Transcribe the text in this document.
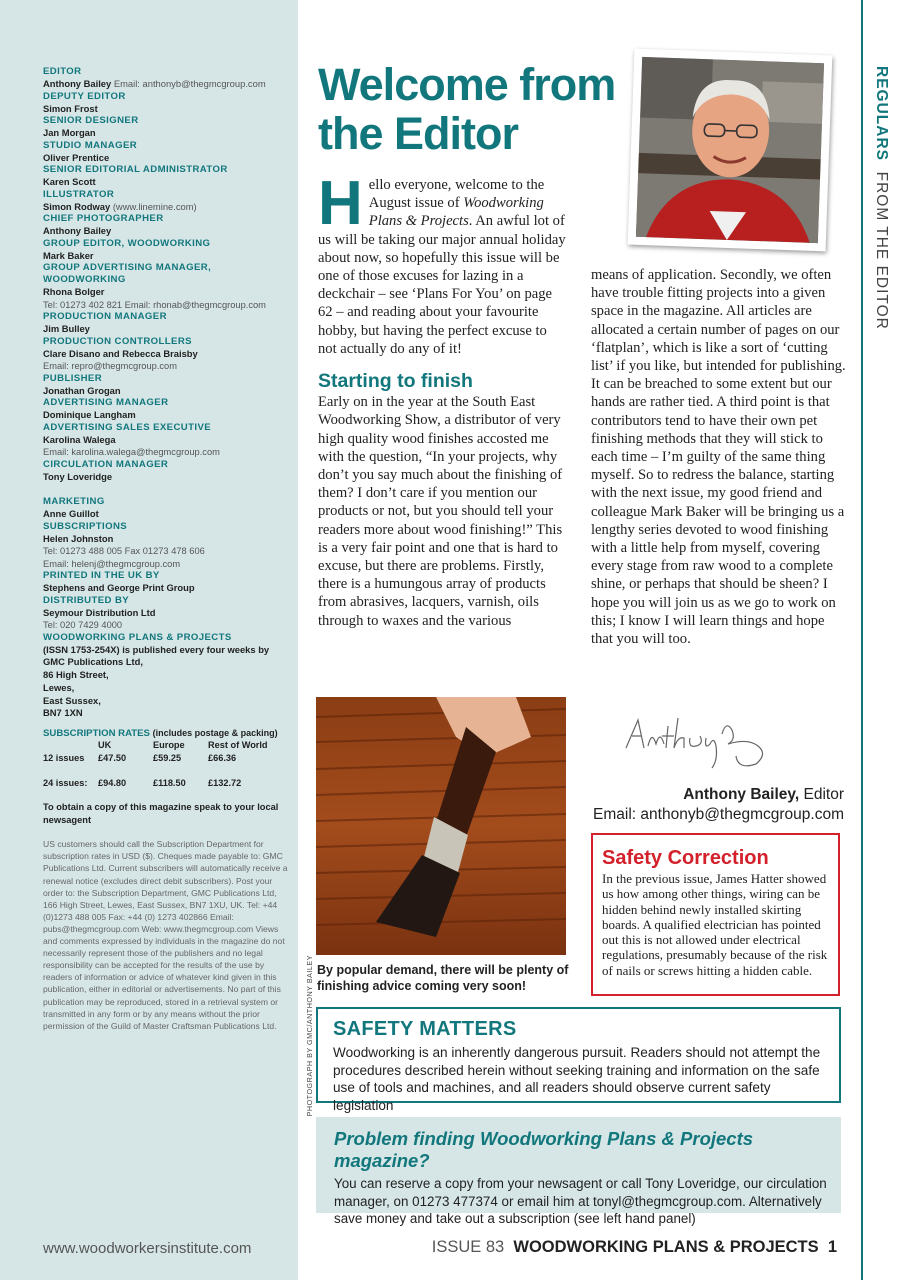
EDITOR
Anthony Bailey Email: anthonyb@thegmcgroup.com
DEPUTY EDITOR
Simon Frost
SENIOR DESIGNER
Jan Morgan
STUDIO MANAGER
Oliver Prentice
SENIOR EDITORIAL ADMINISTRATOR
Karen Scott
ILLUSTRATOR
Simon Rodway (www.linemine.com)
CHIEF PHOTOGRAPHER
Anthony Bailey
GROUP EDITOR, WOODWORKING
Mark Baker
GROUP ADVERTISING MANAGER, WOODWORKING
Rhona Bolger
Tel: 01273 402 821 Email: rhonab@thegmcgroup.com
PRODUCTION MANAGER
Jim Bulley
PRODUCTION CONTROLLERS
Clare Disano and Rebecca Braisby
Email: repro@thegmcgroup.com
PUBLISHER
Jonathan Grogan
ADVERTISING MANAGER
Dominique Langham
ADVERTISING SALES EXECUTIVE
Karolina Walega
Email: karolina.walega@thegmcgroup.com
CIRCULATION MANAGER
Tony Loveridge
MARKETING
Anne Guillot
SUBSCRIPTIONS
Helen Johnston
Tel: 01273 488 005 Fax 01273 478 606
Email: helenj@thegmcgroup.com
PRINTED IN THE UK BY
Stephens and George Print Group
DISTRIBUTED BY
Seymour Distribution Ltd
Tel: 020 7429 4000
WOODWORKING PLANS & PROJECTS
(ISSN 1753-254X) is published every four weeks by
GMC Publications Ltd,
86 High Street,
Lewes,
East Sussex,
BN7 1XN
SUBSCRIPTION RATES (includes postage & packing)
	UK	Europe	Rest of World
12 issues	£47.50	£59.25	£66.36

24 issues:	£94.80	£118.50	£132.72
To obtain a copy of this magazine speak to your local newsagent
US customers should call the Subscription Department for subscription rates in USD ($). Cheques made payable to: GMC Publications Ltd. Current subscribers will automatically receive a renewal notice (excludes direct debit subscribers). Post your order to: the Subscription Department, GMC Publications Ltd, 166 High Street, Lewes, East Sussex, BN7 1XU, UK. Tel: +44 (0)1273 488 005 Fax: +44 (0) 1273 402866 Email: pubs@thegmcgroup.com Web: www.thegmcgroup.com Views and comments expressed by individuals in the magazine do not necessarily represent those of the publishers and no legal responsibility can be accepted for the results of the use by readers of information or advice of whatever kind given in this publication, either in editorial or advertisements. No part of this publication may be reproduced, stored in a retrieval system or transmitted in any form or by any means without the prior permission of the Guild of Master Craftsman Publications Ltd.
www.woodworkersinstitute.com
REGULARS  FROM THE EDITOR
Welcome from the Editor

Hello everyone, welcome to the August issue of Woodworking Plans & Projects. An awful lot of us will be taking our major annual holiday about now, so hopefully this issue will be one of those excuses for lazing in a deckchair – see ‘Plans For You’ on page 62 – and reading about your favourite hobby, but having the perfect excuse to not actually do any of it!

Starting to finish

Early on in the year at the South East Woodworking Show, a distributor of very high quality wood finishes accosted me with the question, “In your projects, why don’t you say much about the finishing of them? I don’t care if you mention our products or not, but you should tell your readers more about wood finishing!” This is a very fair point and one that is hard to excuse, but there are problems. Firstly, there is a humungous array of products from abrasives, lacquers, varnish, oils through to waxes and the various

means of application. Secondly, we often have trouble fitting projects into a given space in the magazine. All articles are allocated a certain number of pages on our ‘flatplan’, which is like a sort of ‘cutting list’ if you like, but intended for publishing. It can be breached to some extent but our hands are rather tied. A third point is that contributors tend to have their own pet finishing methods that they will stick to each time – I’m guilty of the same thing myself. So to redress the balance, starting with the next issue, my good friend and colleague Mark Baker will be bringing us a lengthy series devoted to wood finishing with a little help from myself, covering every stage from raw wood to a complete shine, or perhaps that should be sheen? I hope you will join us as we go to work on this; I know I will learn things and hope that you will too.

PHOTOGRAPH BY GMC/ANTHONY BAILEY By popular demand, there will be plenty of finishing advice coming very soon!
Anthony Bailey, Editor
Email: anthonyb@thegmcgroup.com
Safety Correction

In the previous issue, James Hatter showed us how among other things, wiring can be hidden behind newly installed skirting boards. A qualified electrician has pointed out this is not allowed under electrical regulations, presumably because of the risk of nails or screws hitting a hidden cable.

SAFETY MATTERS

Woodworking is an inherently dangerous pursuit. Readers should not attempt the procedures described herein without seeking training and information on the safe use of tools and machines, and all readers should observe current safety legislation

Problem finding Woodworking Plans & Projects magazine?

You can reserve a copy from your newsagent or call Tony Loveridge, our circulation manager, on 01273 477374 or email him at tonyl@thegmcgroup.com. Alternatively save money and take out a subscription (see left hand panel)

ISSUE 83 WOODWORKING PLANS & PROJECTS 1
